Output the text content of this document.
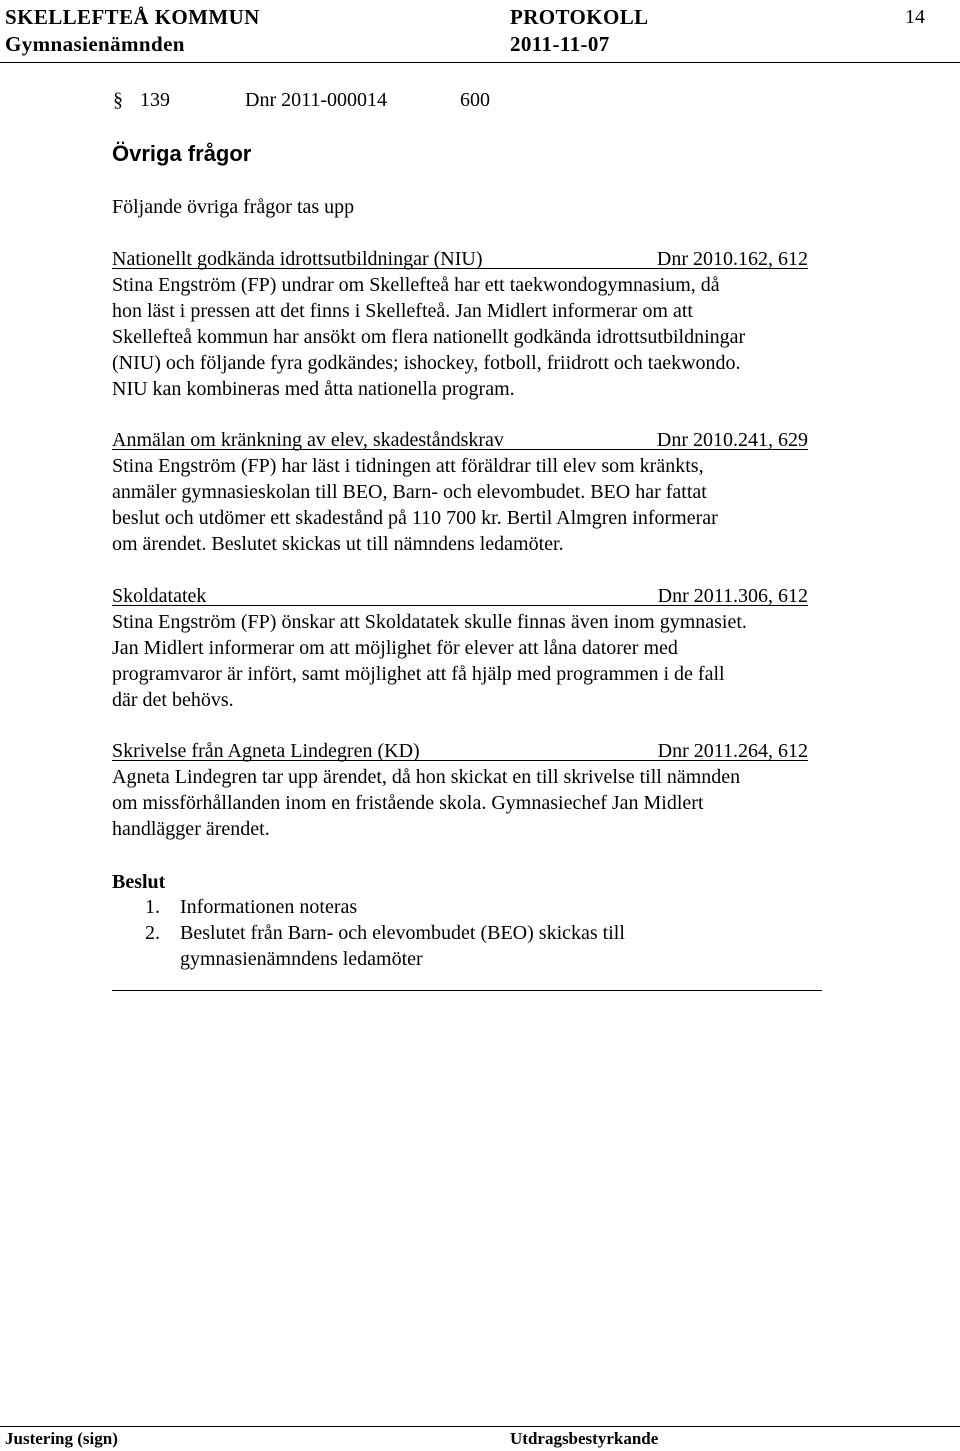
SKELLEFTEÅ KOMMUN	PROTOKOLL	14
Gymnasienämnden	2011-11-07
§ 139	Dnr 2011-000014	600
Övriga frågor
Följande övriga frågor tas upp
Nationellt godkända idrottsutbildningar (NIU)	Dnr 2010.162, 612
Stina Engström (FP) undrar om Skellefteå har ett taekwondogymnasium, då
hon läst i pressen att det finns i Skellefteå. Jan Midlert informerar om att
Skellefteå kommun har ansökt om flera nationellt godkända idrottsutbildningar
(NIU) och följande fyra godkändes; ishockey, fotboll, friidrott och taekwondo.
NIU kan kombineras med åtta nationella program.
Anmälan om kränkning av elev, skadeståndskrav	Dnr 2010.241, 629
Stina Engström (FP) har läst i tidningen att föräldrar till elev som kränkts,
anmäler gymnasieskolan till BEO, Barn- och elevombudet. BEO har fattat
beslut och utdömer ett skadestånd på 110 700 kr. Bertil Almgren informerar
om ärendet. Beslutet skickas ut till nämndens ledamöter.
Skoldatatek	Dnr 2011.306, 612
Stina Engström (FP) önskar att Skoldatatek skulle finnas även inom gymnasiet.
Jan Midlert informerar om att möjlighet för elever att låna datorer med
programvaror är infört, samt möjlighet att få hjälp med programmen i de fall
där det behövs.
Skrivelse från Agneta Lindegren (KD)	Dnr 2011.264, 612
Agneta Lindegren tar upp ärendet, då hon skickat en till skrivelse till nämnden
om missförhållanden inom en fristående skola. Gymnasiechef Jan Midlert
handlägger ärendet.
Beslut
1. Informationen noteras
2. Beslutet från Barn- och elevombudet (BEO) skickas till
gymnasienämndens ledamöter
Justering (sign)	Utdragsbestyrkande
